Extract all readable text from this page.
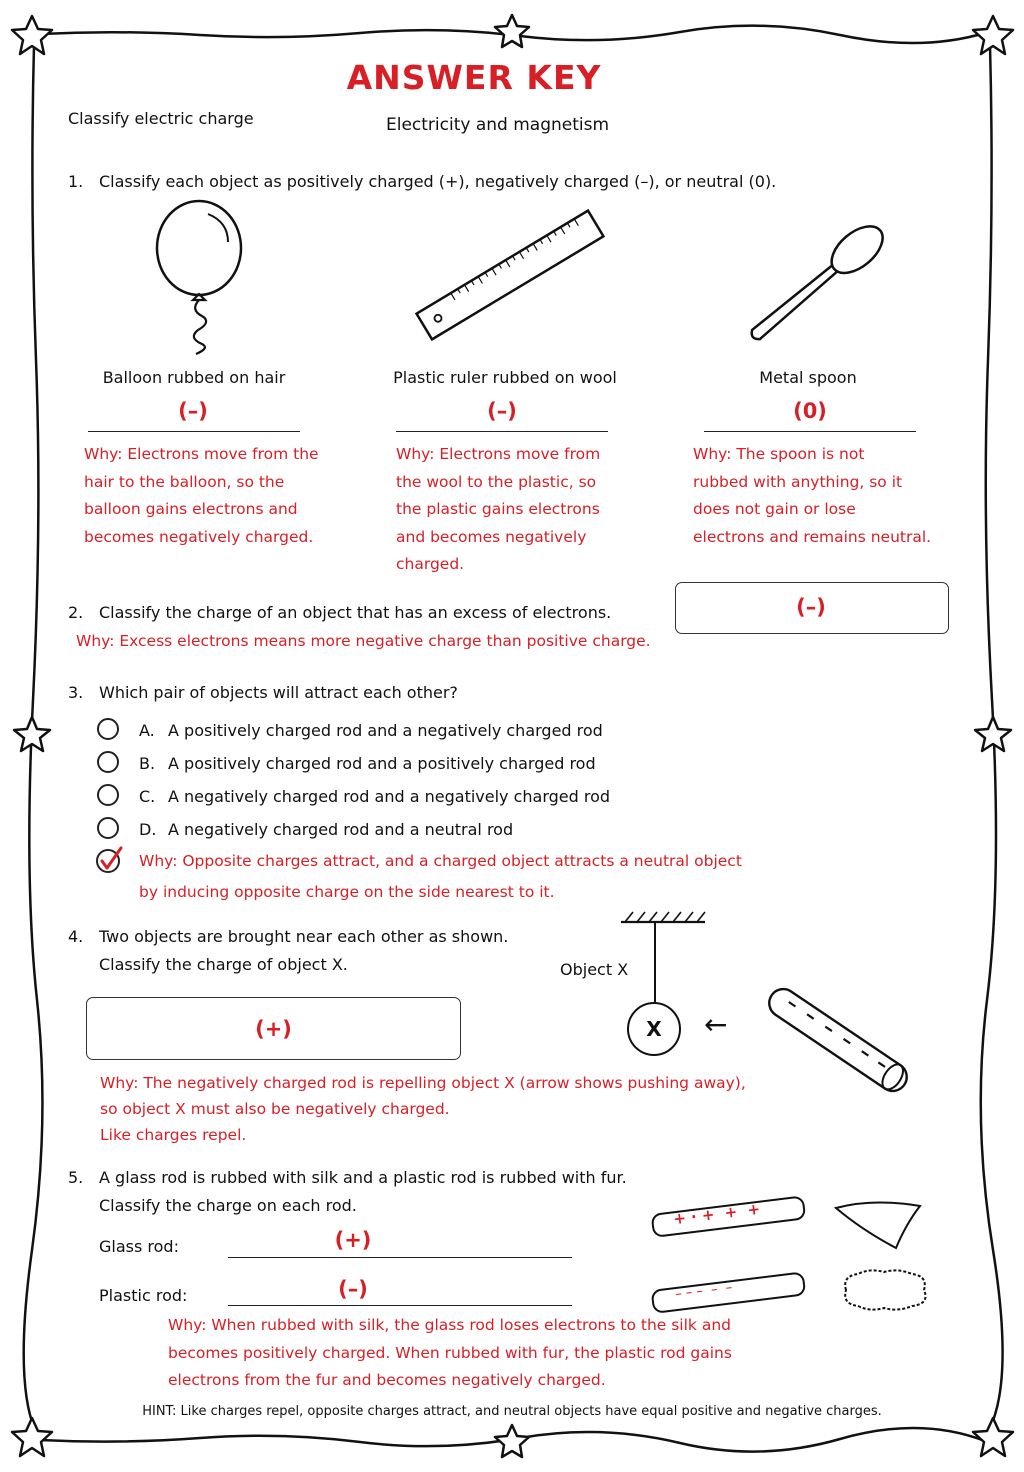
ANSWER KEY
Classify electric charge	Electricity and magnetism
1. Classify each object as positively charged (+), negatively charged (–), or neutral (0).
Balloon rubbed on hair	Plastic ruler rubbed on wool	Metal spoon
(–)	(–)	(0)
Why: Electrons move from the
hair to the balloon, so the
balloon gains electrons and
becomes negatively charged.
Why: Electrons move from
the wool to the plastic, so
the plastic gains electrons
and becomes negatively
charged.
Why: The spoon is not
rubbed with anything, so it
does not gain or lose
electrons and remains neutral.
2. Classify the charge of an object that has an excess of electrons.
Why: Excess electrons means more negative charge than positive charge.
(–)
3. Which pair of objects will attract each other?
A. A positively charged rod and a negatively charged rod
B. A positively charged rod and a positively charged rod
C. A negatively charged rod and a negatively charged rod
D. A negatively charged rod and a neutral rod
Why: Opposite charges attract, and a charged object attracts a neutral object
by inducing opposite charge on the side nearest to it.
4. Two objects are brought near each other as shown.
Classify the charge of object X.	Object X
X	←
(+)
Why: The negatively charged rod is repelling object X (arrow shows pushing away),
so object X must also be negatively charged.
Like charges repel.
5. A glass rod is rubbed with silk and a plastic rod is rubbed with fur.
Classify the charge on each rod.
Glass rod:	(+)
Plastic rod:	(–)
+ · +  +  +
– – –  –  –
Why: When rubbed with silk, the glass rod loses electrons to the silk and
becomes positively charged. When rubbed with fur, the plastic rod gains
electrons from the fur and becomes negatively charged.
HINT: Like charges repel, opposite charges attract, and neutral objects have equal positive and negative charges.
